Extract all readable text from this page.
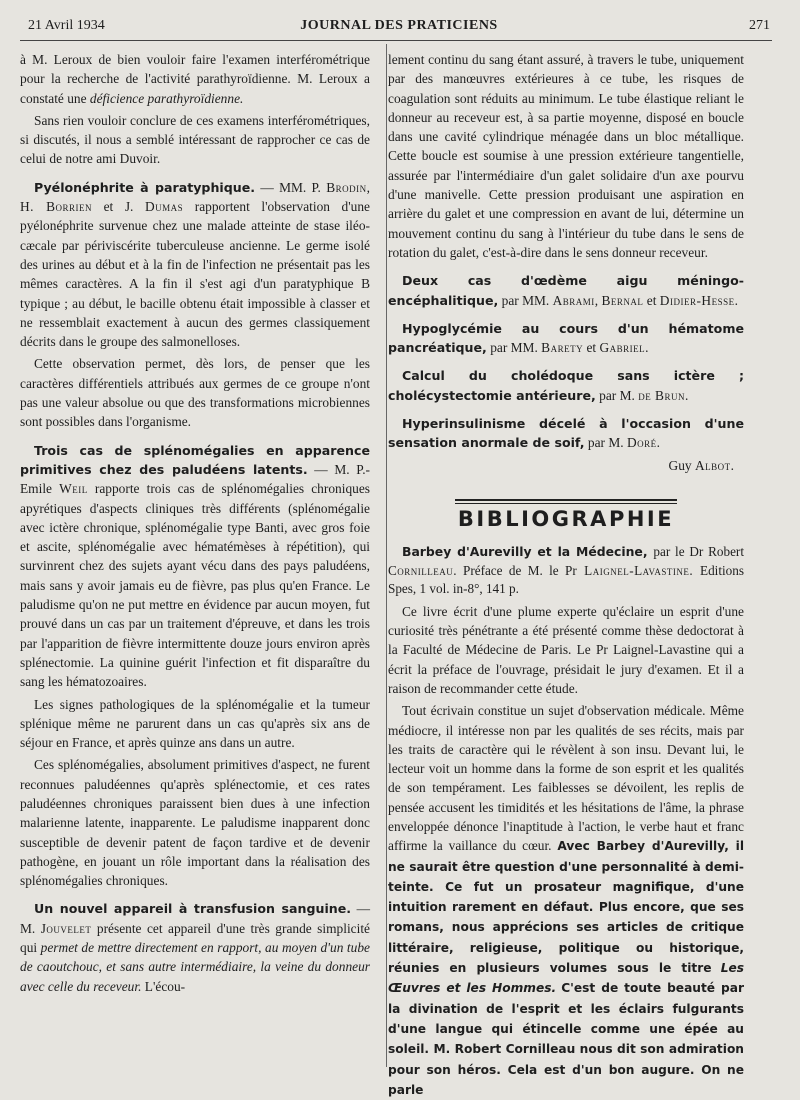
21 Avril 1934	JOURNAL DES PRATICIENS	271

à M. Leroux de bien vouloir faire l'examen interférométrique pour la recherche de l'activité parathyroïdienne. M. Leroux a constaté une déficience parathyroïdienne.

Sans rien vouloir conclure de ces examens interférométriques, si discutés, il nous a semblé intéressant de rapprocher ce cas de celui de notre ami Duvoir.

Pyélonéphrite à paratyphique. — MM. P. Brodin, H. Borrien et J. Dumas rapportent l'observation d'une pyélonéphrite survenue chez une malade atteinte de stase iléo-cæcale par périviscérite tuberculeuse ancienne. Le germe isolé des urines au début et à la fin de l'infection ne présentait pas les mêmes caractères. A la fin il s'est agi d'un paratyphique B typique ; au début, le bacille obtenu était impossible à classer et ne ressemblait exactement à aucun des germes classiquement décrits dans le groupe des salmonelloses.

Cette observation permet, dès lors, de penser que les caractères différentiels attribués aux germes de ce groupe n'ont pas une valeur absolue ou que des transformations microbiennes sont possibles dans l'organisme.

Trois cas de splénomégalies en apparence primitives chez des paludéens latents. — M. P.-Emile Weil rapporte trois cas de splénomégalies chroniques apyrétiques d'aspects cliniques très différents (splénomégalie avec ictère chronique, splénomégalie type Banti, avec gros foie et ascite, splénomégalie avec hématémèses à répétition), qui survinrent chez des sujets ayant vécu dans des pays paludéens, mais sans y avoir jamais eu de fièvre, pas plus qu'en France. Le paludisme qu'on ne put mettre en évidence par aucun moyen, fut prouvé dans un cas par un traitement d'épreuve, et dans les trois par l'apparition de fièvre intermittente douze jours environ après splénectomie. La quinine guérit l'infection et fit disparaître du sang les hématozoaires.

Les signes pathologiques de la splénomégalie et la tumeur splénique même ne parurent dans un cas qu'après six ans de séjour en France, et après quinze ans dans un autre.

Ces splénomégalies, absolument primitives d'aspect, ne furent reconnues paludéennes qu'après splénectomie, et ces rates paludéennes chroniques paraissent bien dues à une infection malarienne latente, inapparente. Le paludisme inapparent donc susceptible de devenir patent de façon tardive et de devenir pathogène, en jouant un rôle important dans la réalisation des splénomégalies chroniques.

Un nouvel appareil à transfusion sanguine. — M. Jouvelet présente cet appareil d'une très grande simplicité qui permet de mettre directement en rapport, au moyen d'un tube de caoutchouc, et sans autre intermédiaire, la veine du donneur avec celle du receveur. L'écou-

lement continu du sang étant assuré, à travers le tube, uniquement par des manœuvres extérieures à ce tube, les risques de coagulation sont réduits au minimum. Le tube élastique reliant le donneur au receveur est, à sa partie moyenne, disposé en boucle dans une cavité cylindrique ménagée dans un bloc métallique. Cette boucle est soumise à une pression extérieure tangentielle, assurée par l'intermédiaire d'un galet solidaire d'un axe pourvu d'une manivelle. Cette pression produisant une aspiration en arrière du galet et une compression en avant de lui, détermine un mouvement continu du sang à l'intérieur du tube dans le sens de rotation du galet, c'est-à-dire dans le sens donneur receveur.

Deux cas d'œdème aigu méningo-encéphalitique, par MM. Abrami, Bernal et Didier-Hesse.

Hypoglycémie au cours d'un hématome pancréatique, par MM. Barety et Gabriel.

Calcul du cholédoque sans ictère ; cholécystectomie antérieure, par M. de Brun.

Hyperinsulinisme décelé à l'occasion d'une sensation anormale de soif, par M. Doré.

Guy Albot.

BIBLIOGRAPHIE

Barbey d'Aurevilly et la Médecine, par le Dr Robert Cornilleau. Préface de M. le Pr Laignel-Lavastine. Editions Spes, 1 vol. in-8°, 141 p.

Ce livre écrit d'une plume experte qu'éclaire un esprit d'une curiosité très pénétrante a été présenté comme thèse dedoctorat à la Faculté de Médecine de Paris. Le Pr Laignel-Lavastine qui a écrit la préface de l'ouvrage, présidait le jury d'examen. Et il a raison de recommander cette étude.

Tout écrivain constitue un sujet d'observation médicale. Même médiocre, il intéresse non par les qualités de ses récits, mais par les traits de caractère qui le révèlent à son insu. Devant lui, le lecteur voit un homme dans la forme de son esprit et les qualités de son tempérament. Les faiblesses se dévoilent, les replis de pensée accusent les timidités et les hésitations de l'âme, la phrase enveloppée dénonce l'inaptitude à l'action, le verbe haut et franc affirme la vaillance du cœur. Avec Barbey d'Aurevilly, il ne saurait être question d'une personnalité à demi-teinte. Ce fut un prosateur magnifique, d'une intuition rarement en défaut. Plus encore, que ses romans, nous apprécions ses articles de critique littéraire, religieuse, politique ou historique, réunies en plusieurs volumes sous le titre Les Œuvres et les Hommes. C'est de toute beauté par la divination de l'esprit et les éclairs fulgurants d'une langue qui étincelle comme une épée au soleil. M. Robert Cornilleau nous dit son admiration pour son héros. Cela est d'un bon augure. On ne parle
